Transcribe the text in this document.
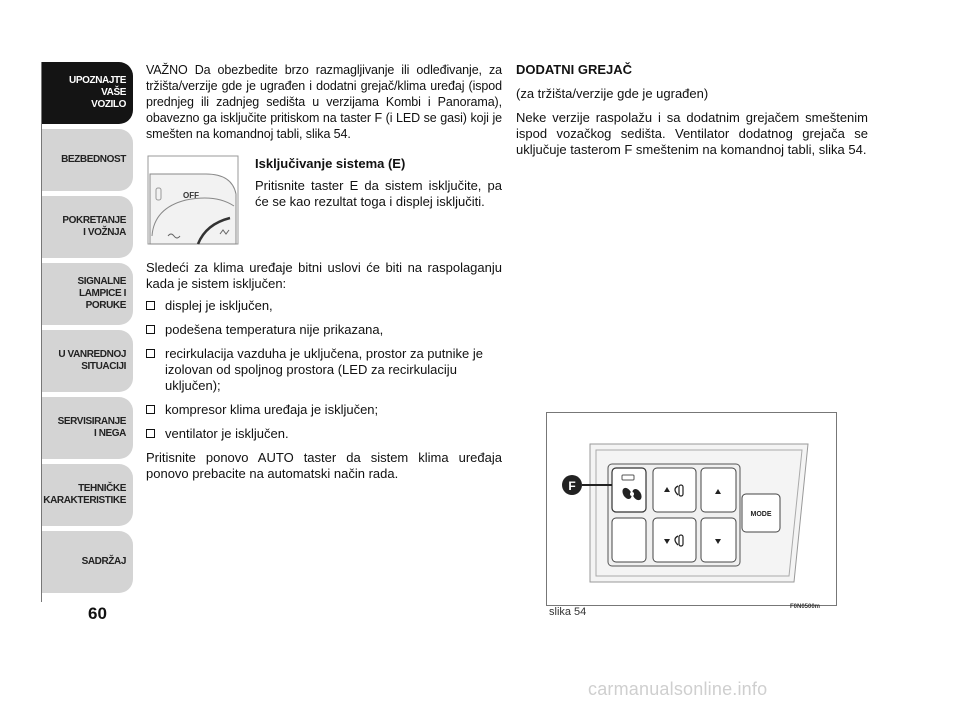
UPOZNAJTE
VAŠE
VOZILO
BEZBEDNOST
POKRETANJE
I VOŽNJA
SIGNALNE
LAMPICE I PORUKE
U VANREDNOJ
SITUACIJI
SERVISIRANJE
I NEGA
TEHNIČKE
KARAKTERISTIKE
SADRŽAJ
60

VAŽNO Da obezbedite brzo razmagljivanje ili odleđivanje, za tržišta/verzije gde je ugrađen i dodatni grejač/klima uređaj (ispod prednjeg ili zadnjeg sedišta u verzijama Kombi i Panorama), obavezno ga isključite pritiskom na taster F (i LED se gasi) koji je smešten na komandnoj tabli, slika 54.

OFF
Isključivanje sistema (E)

Pritisnite taster E da sistem isključite, pa će se kao rezultat toga i displej isključiti.

Sledeći za klima uređaje bitni uslovi će biti na raspolaganju kada je sistem isključen:

displej je isključen,
podešena temperatura nije prikazana,
recirkulacija vazduha je uključena, prostor za putnike je izolovan od spoljnog prostora (LED za recirkulaciju uključen);
kompresor klima uređaja je isključen;
ventilator je isključen.

Pritisnite ponovo AUTO taster da sistem klima uređaja ponovo prebacite na automatski način rada.

DODATNI GREJAČ

(za tržišta/verzije gde je ugrađen)

Neke verzije raspolažu i sa dodatnim grejačem smeštenim ispod vozačkog sedišta. Ventilator dodatnog grejača se uključuje tasterom F smeštenim na komandnoj tabli, slika 54.

MODE
F
slika 54	F0N0500m
carmanualsonline.info
